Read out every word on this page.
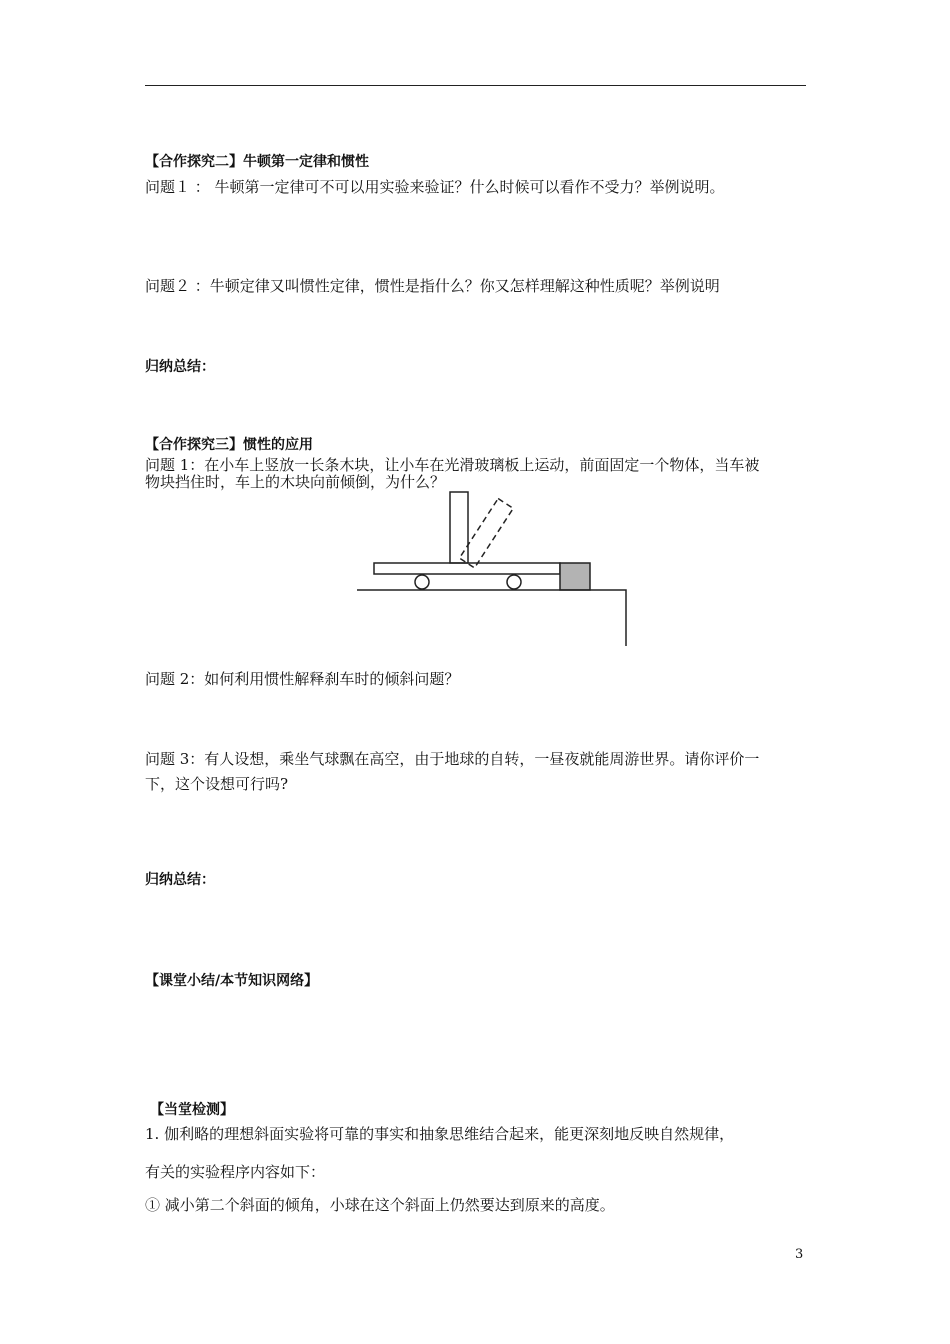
【合作探究二】牛顿第一定律和惯性
问题１ ： 牛顿第一定律可不可以用实验来验证？什么时候可以看作不受力？举例说明。
问题２ ：牛顿定律又叫惯性定律，惯性是指什么？你又怎样理解这种性质呢？举例说明
归纳总结：
【合作探究三】惯性的应用
问题 1：在小车上竖放一长条木块，让小车在光滑玻璃板上运动，前面固定一个物体，当车被
物块挡住时，车上的木块向前倾倒，为什么？
问题 2：如何利用惯性解释刹车时的倾斜问题？
问题 3：有人设想，乘坐气球飘在高空，由于地球的自转，一昼夜就能周游世界。请你评价一
下，这个设想可行吗?
归纳总结：
【课堂小结/本节知识网络】
【当堂检测】
1. 伽利略的理想斜面实验将可靠的事实和抽象思维结合起来，能更深刻地反映自然规律，
有关的实验程序内容如下：
① 减小第二个斜面的倾角，小球在这个斜面上仍然要达到原来的高度。
3
